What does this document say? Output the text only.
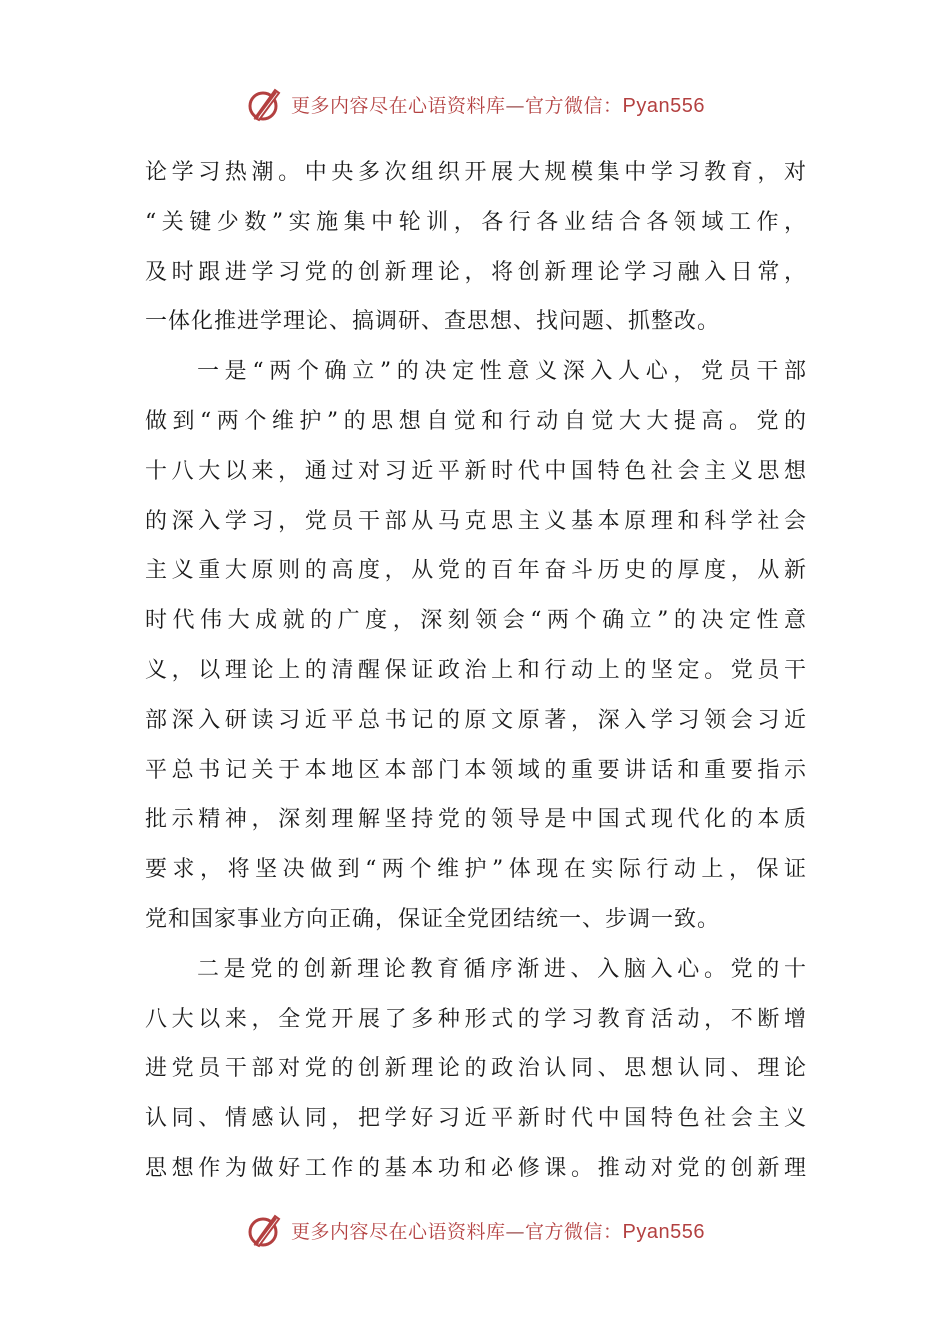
更多内容尽在心语资料库—官方微信：Pyan556
论学习热潮。中央多次组织开展大规模集中学习教育，对
“关键少数”实施集中轮训，各行各业结合各领域工作，
及时跟进学习党的创新理论，将创新理论学习融入日常，
一体化推进学理论、搞调研、查思想、找问题、抓整改。
一是“两个确立”的决定性意义深入人心，党员干部
做到“两个维护”的思想自觉和行动自觉大大提高。党的
十八大以来，通过对习近平新时代中国特色社会主义思想
的深入学习，党员干部从马克思主义基本原理和科学社会
主义重大原则的高度，从党的百年奋斗历史的厚度，从新
时代伟大成就的广度，深刻领会“两个确立”的决定性意
义，以理论上的清醒保证政治上和行动上的坚定。党员干
部深入研读习近平总书记的原文原著，深入学习领会习近
平总书记关于本地区本部门本领域的重要讲话和重要指示
批示精神，深刻理解坚持党的领导是中国式现代化的本质
要求，将坚决做到“两个维护”体现在实际行动上，保证
党和国家事业方向正确，保证全党团结统一、步调一致。
二是党的创新理论教育循序渐进、入脑入心。党的十
八大以来，全党开展了多种形式的学习教育活动，不断增
进党员干部对党的创新理论的政治认同、思想认同、理论
认同、情感认同，把学好习近平新时代中国特色社会主义
思想作为做好工作的基本功和必修课。推动对党的创新理
更多内容尽在心语资料库—官方微信：Pyan556
